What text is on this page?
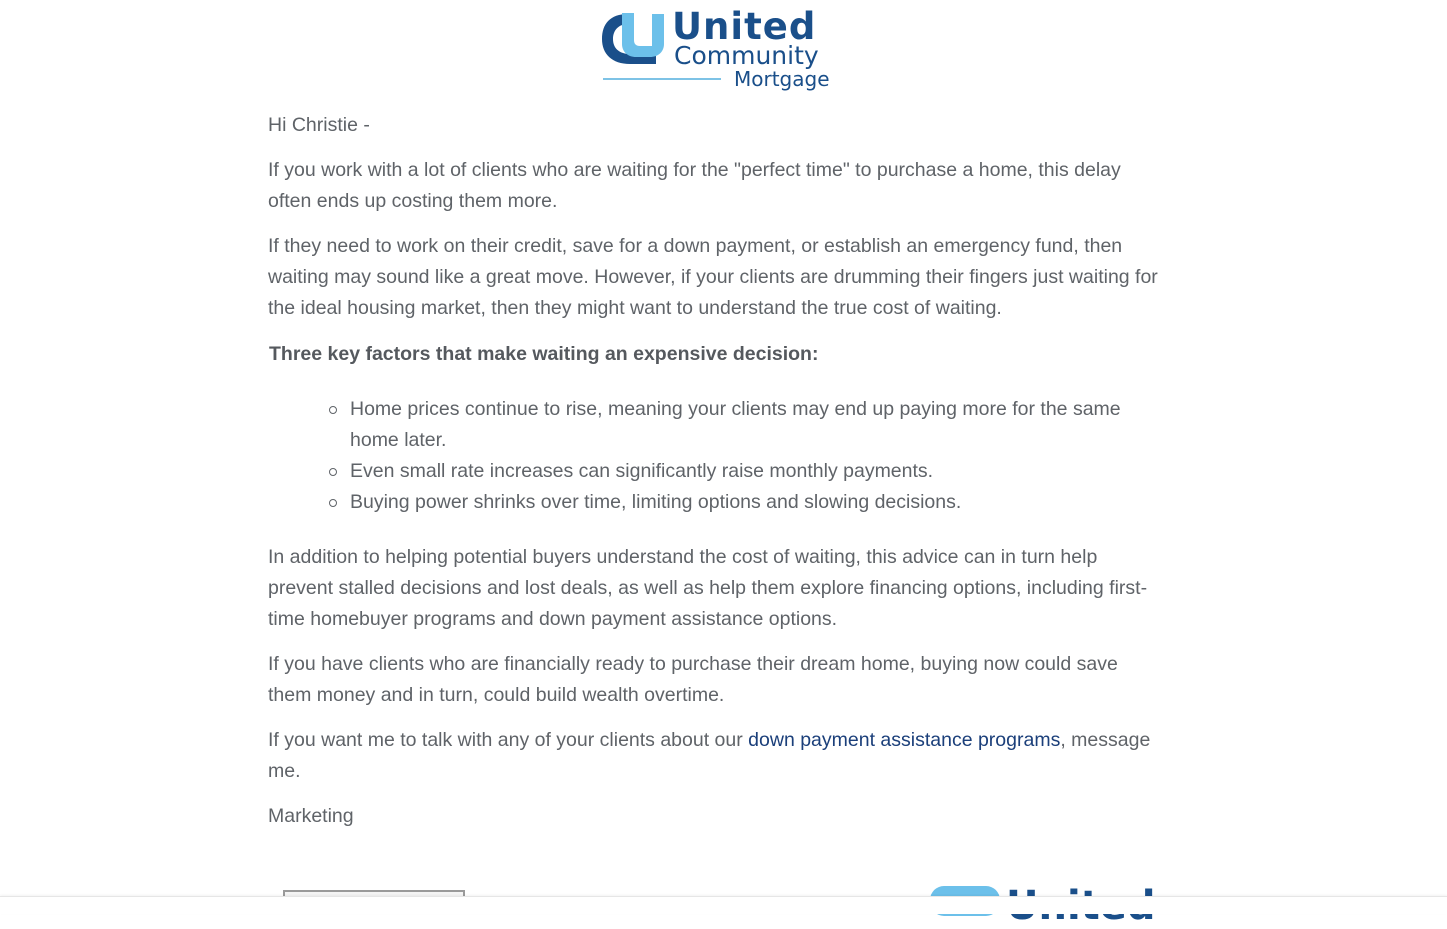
United
Community
Mortgage

Hi Christie -

If you work with a lot of clients who are waiting for the "perfect time" to purchase a home, this delay often ends up costing them more.

If they need to work on their credit, save for a down payment, or establish an emergency fund, then waiting may sound like a great move. However, if your clients are drumming their fingers just waiting for the ideal housing market, then they might want to understand the true cost of waiting.

Three key factors that make waiting an expensive decision:

Home prices continue to rise, meaning your clients may end up paying more for the same home later.
Even small rate increases can significantly raise monthly payments.
Buying power shrinks over time, limiting options and slowing decisions.

In addition to helping potential buyers understand the cost of waiting, this advice can in turn help prevent stalled decisions and lost deals, as well as help them explore financing options, including first-time homebuyer programs and down payment assistance options.

If you have clients who are financially ready to purchase their dream home, buying now could save them money and in turn, could build wealth overtime.

If you want me to talk with any of your clients about our down payment assistance programs, message me.

Marketing
